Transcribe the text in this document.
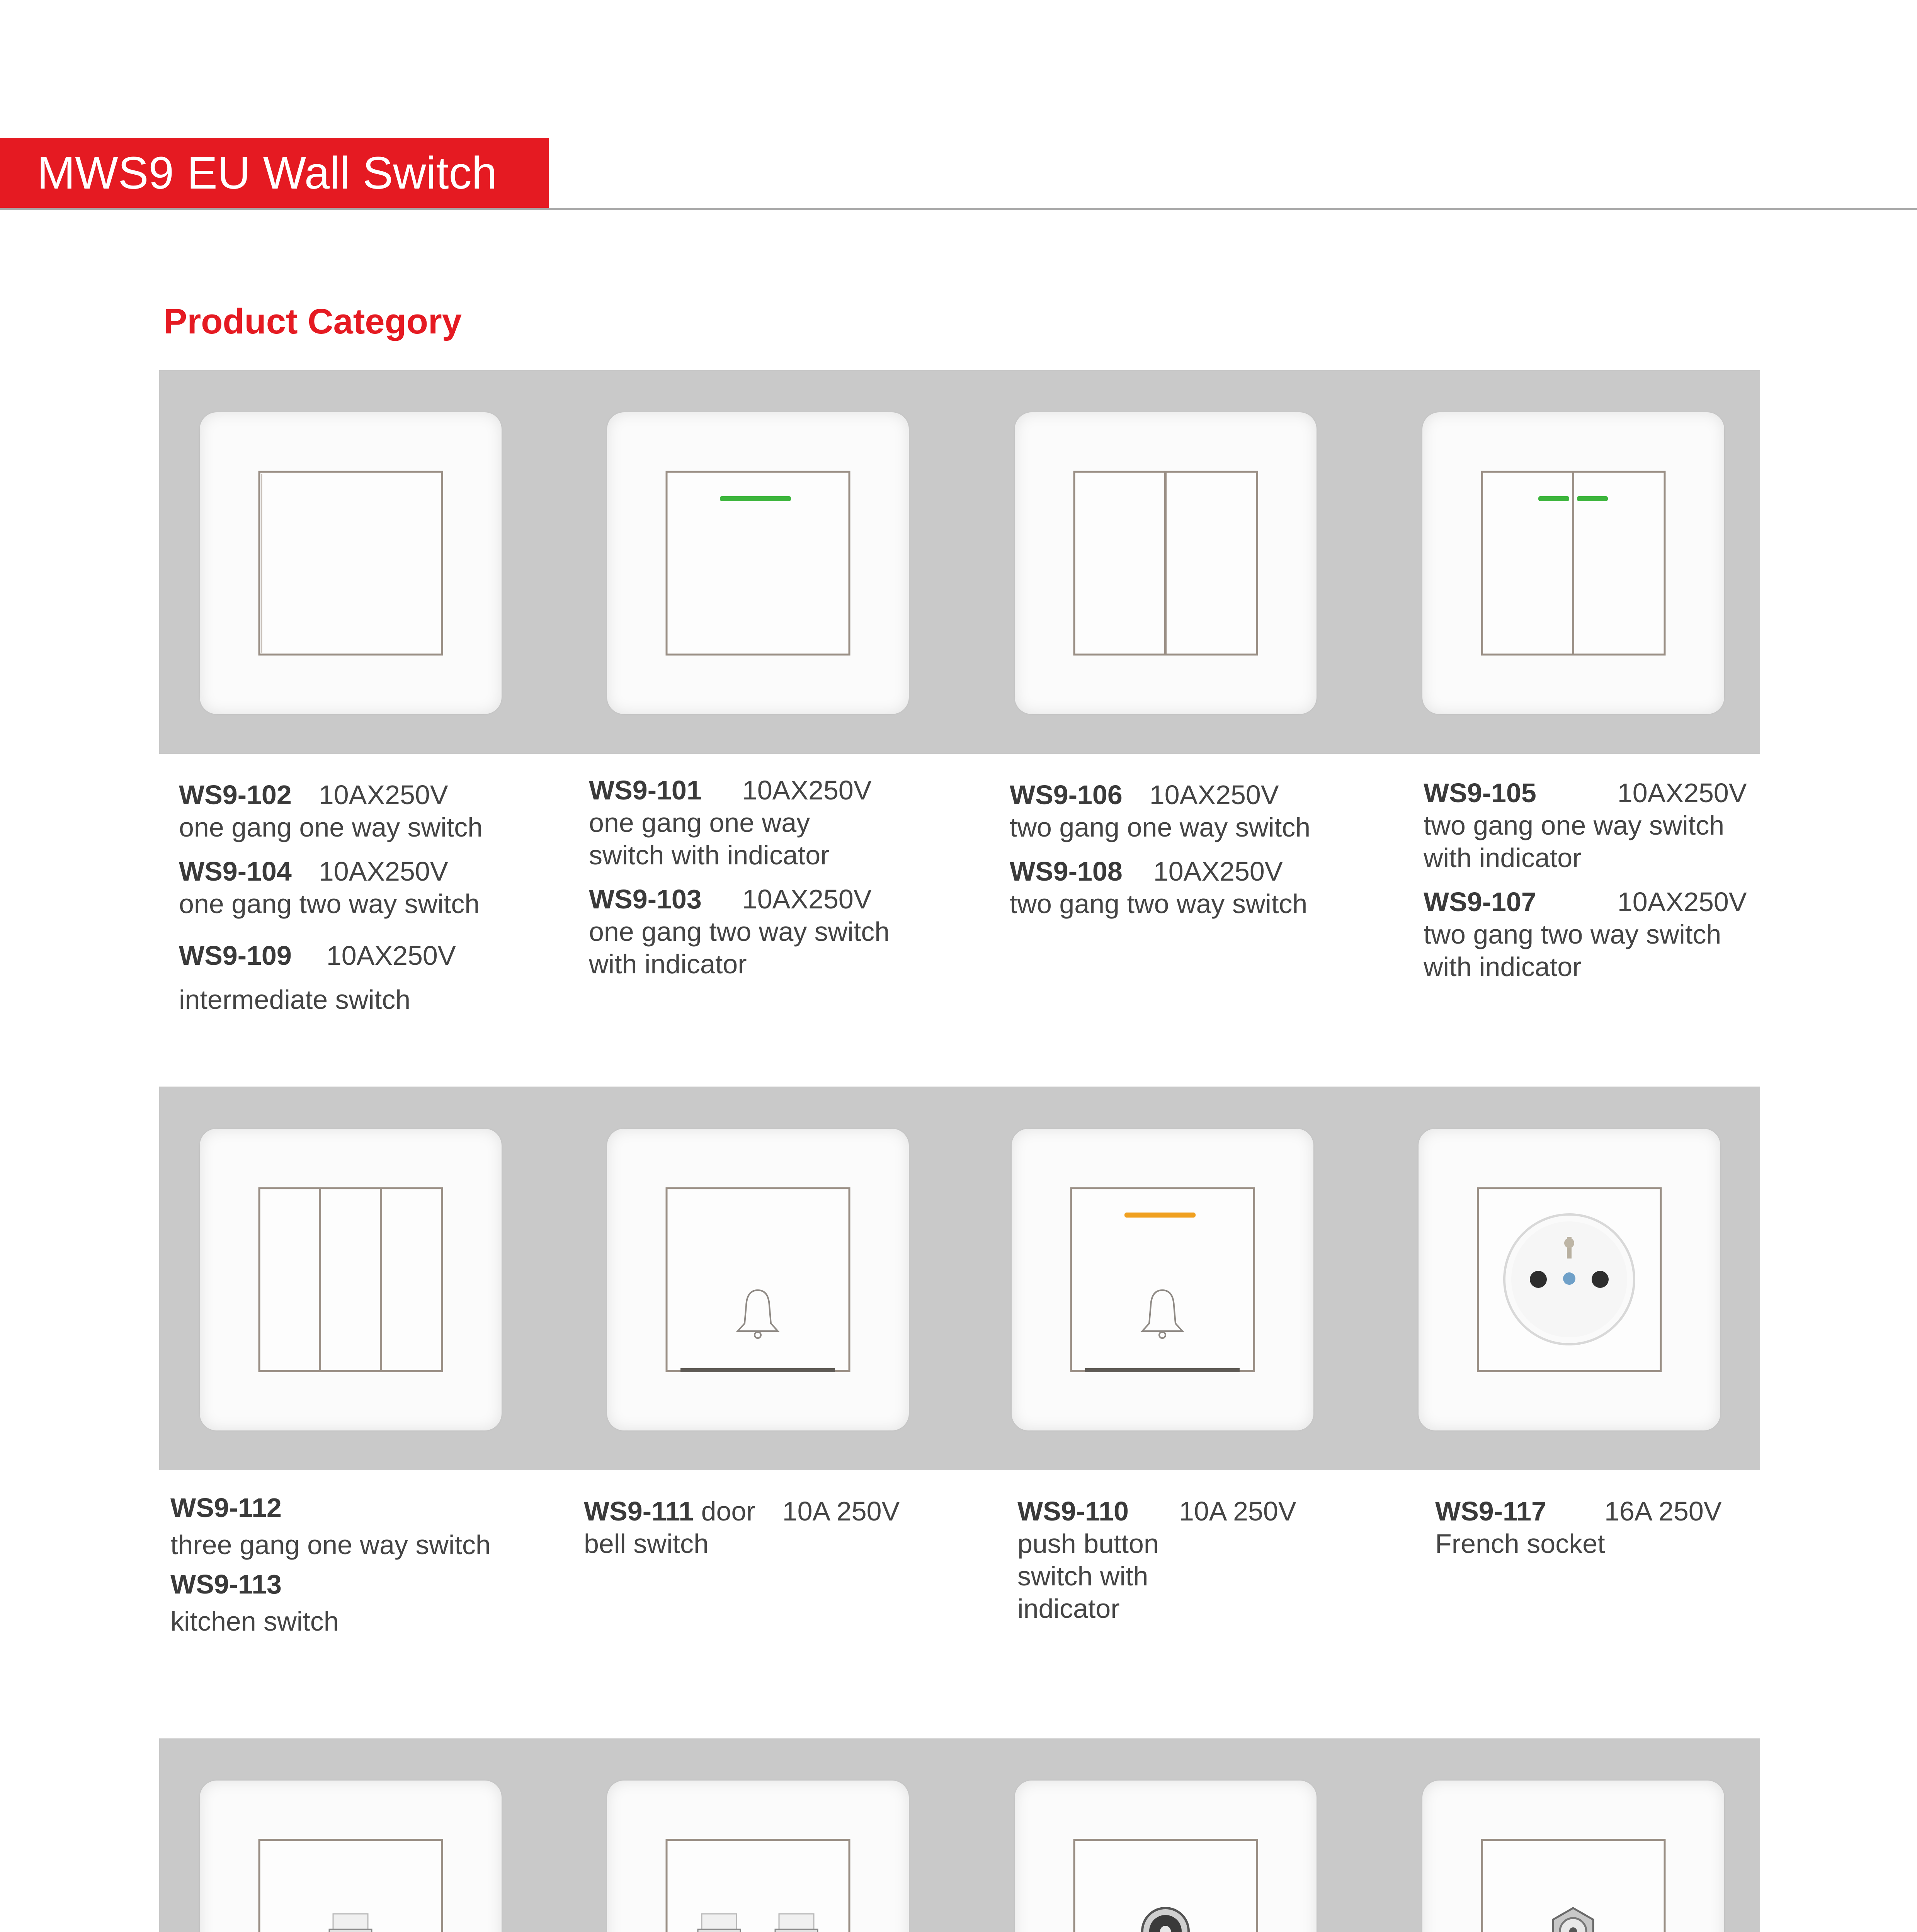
MWS9 EU Wall Switch
Product Category
WS9-102 10AX250V
one gang one way switch
WS9-104 10AX250V
one gang two way switch
WS9-109 10AX250V
intermediate switch
WS9-101 10AX250V
one gang one way
switch with indicator
WS9-103 10AX250V
one gang two way switch
with indicator
WS9-106 10AX250V
two gang one way switch
WS9-108 10AX250V
two gang two way switch
WS9-105	10AX250V
two gang one way switch
with indicator
WS9-107	10AX250V
two gang two way switch
with indicator
WS9-112
three gang one way switch
WS9-113
kitchen switch
WS9-111 door 10A 250V
bell switch
WS9-110 10A 250V
push button
switch with
indicator
WS9-117 16A 250V
French socket
